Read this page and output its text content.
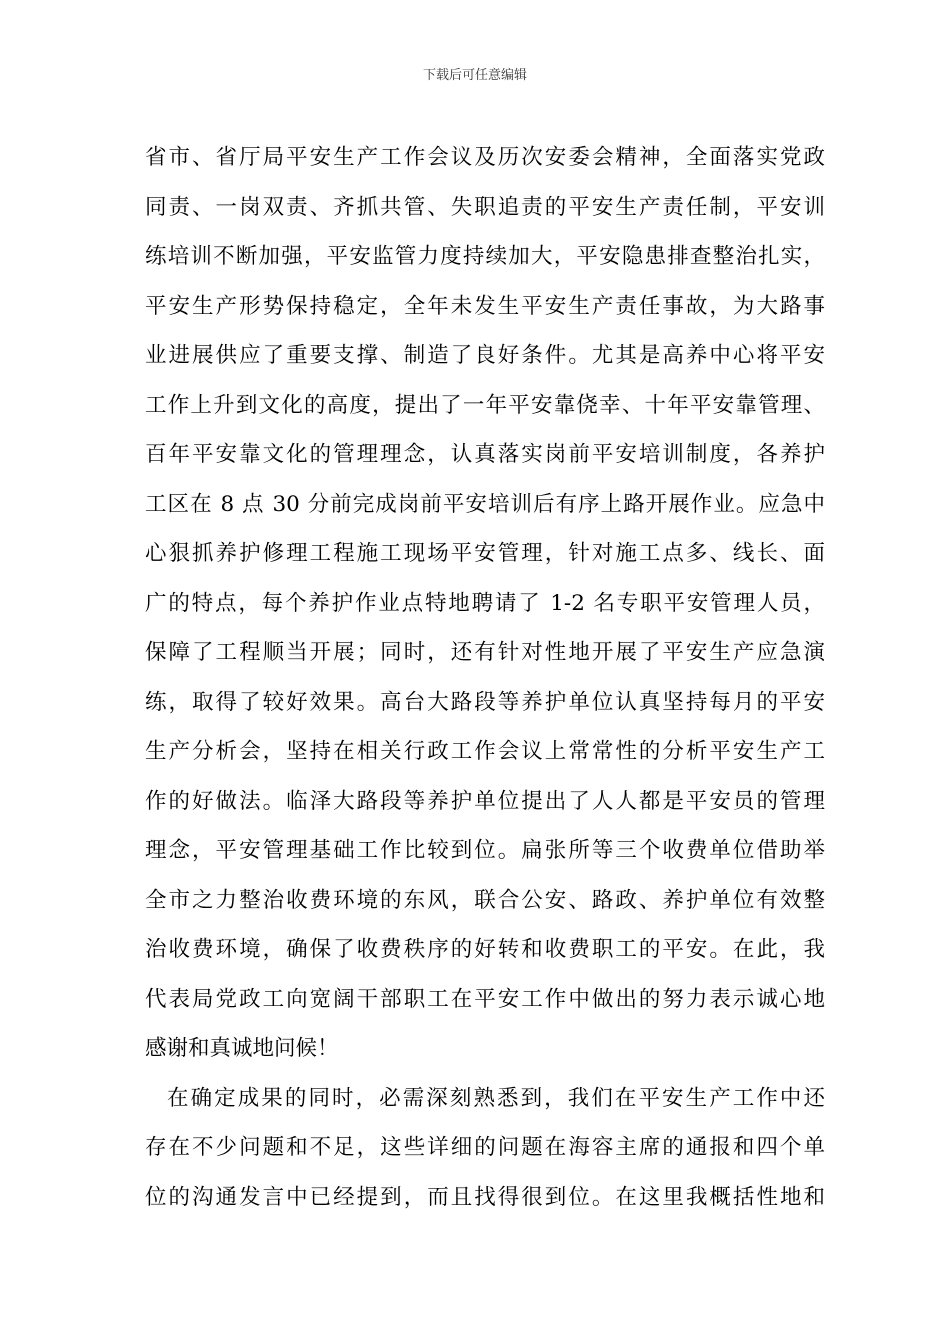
下载后可任意编辑
省市、省厅局平安生产工作会议及历次安委会精神，全面落实党政
同责、一岗双责、齐抓共管、失职追责的平安生产责任制，平安训
练培训不断加强，平安监管力度持续加大，平安隐患排查整治扎实，
平安生产形势保持稳定，全年未发生平安生产责任事故，为大路事
业进展供应了重要支撑、制造了良好条件。尤其是高养中心将平安
工作上升到文化的高度，提出了一年平安靠侥幸、十年平安靠管理、
百年平安靠文化的管理理念，认真落实岗前平安培训制度，各养护
工区在 8 点 30 分前完成岗前平安培训后有序上路开展作业。应急中
心狠抓养护修理工程施工现场平安管理，针对施工点多、线长、面
广的特点，每个养护作业点特地聘请了 1-2 名专职平安管理人员，
保障了工程顺当开展；同时，还有针对性地开展了平安生产应急演
练，取得了较好效果。高台大路段等养护单位认真坚持每月的平安
生产分析会，坚持在相关行政工作会议上常常性的分析平安生产工
作的好做法。临泽大路段等养护单位提出了人人都是平安员的管理
理念，平安管理基础工作比较到位。扁张所等三个收费单位借助举
全市之力整治收费环境的东风，联合公安、路政、养护单位有效整
治收费环境，确保了收费秩序的好转和收费职工的平安。在此，我
代表局党政工向宽阔干部职工在平安工作中做出的努力表示诚心地
感谢和真诚地问候！
在确定成果的同时，必需深刻熟悉到，我们在平安生产工作中还
存在不少问题和不足，这些详细的问题在海容主席的通报和四个单
位的沟通发言中已经提到，而且找得很到位。在这里我概括性地和
